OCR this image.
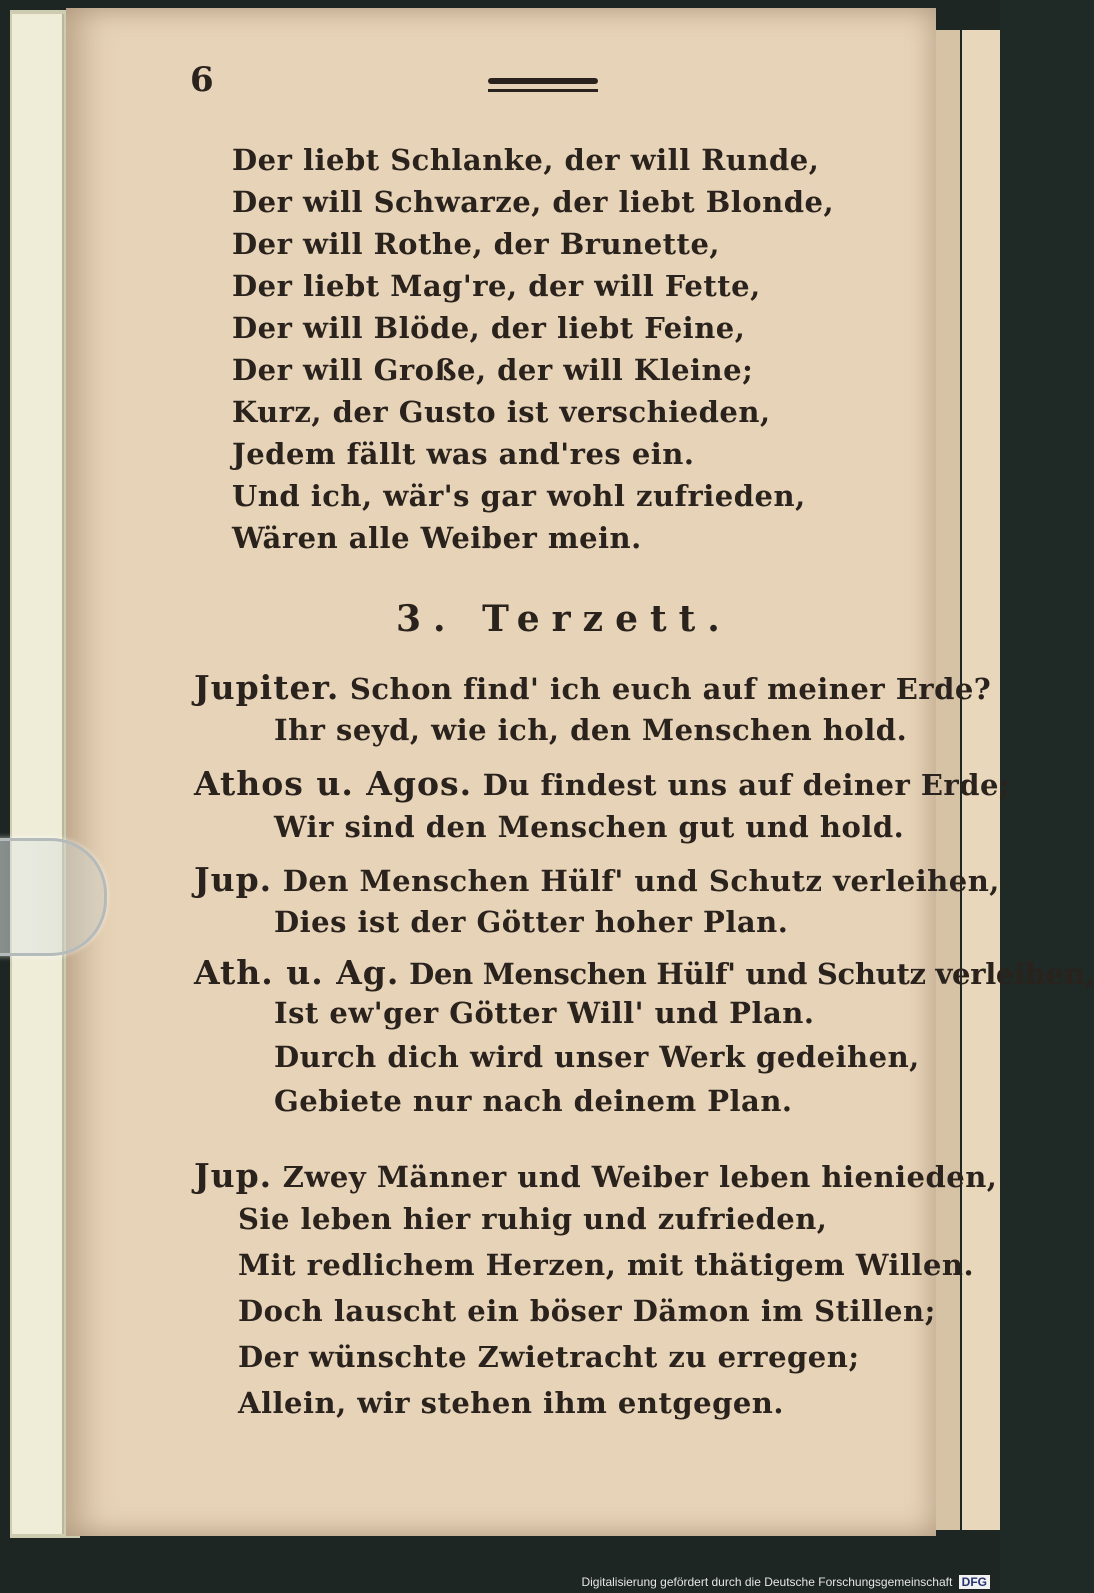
6
Der liebt Schlanke, der will Runde,
Der will Schwarze, der liebt Blonde,
Der will Rothe, der Brunette,
Der liebt Mag're, der will Fette,
Der will Blöde, der liebt Feine,
Der will Große, der will Kleine;
Kurz, der Gusto ist verschieden,
Jedem fällt was and'res ein.
Und ich, wär's gar wohl zufrieden,
Wären alle Weiber mein.
3. Terzett.
Jupiter. Schon find' ich euch auf meiner Erde?
Ihr seyd, wie ich, den Menschen hold.
Athos u. Agos. Du findest uns auf deiner Erde;
Wir sind den Menschen gut und hold.
Jup. Den Menschen Hülf' und Schutz verleihen,
Dies ist der Götter hoher Plan.
Ath. u. Ag. Den Menschen Hülf' und Schutz verleihen,
Ist ew'ger Götter Will' und Plan.
Durch dich wird unser Werk gedeihen,
Gebiete nur nach deinem Plan.
Jup. Zwey Männer und Weiber leben hienieden,
Sie leben hier ruhig und zufrieden,
Mit redlichem Herzen, mit thätigem Willen.
Doch lauscht ein böser Dämon im Stillen;
Der wünschte Zwietracht zu erregen;
Allein, wir stehen ihm entgegen.
Digitalisierung gefördert durch die Deutsche Forschungsgemeinschaft DFG
